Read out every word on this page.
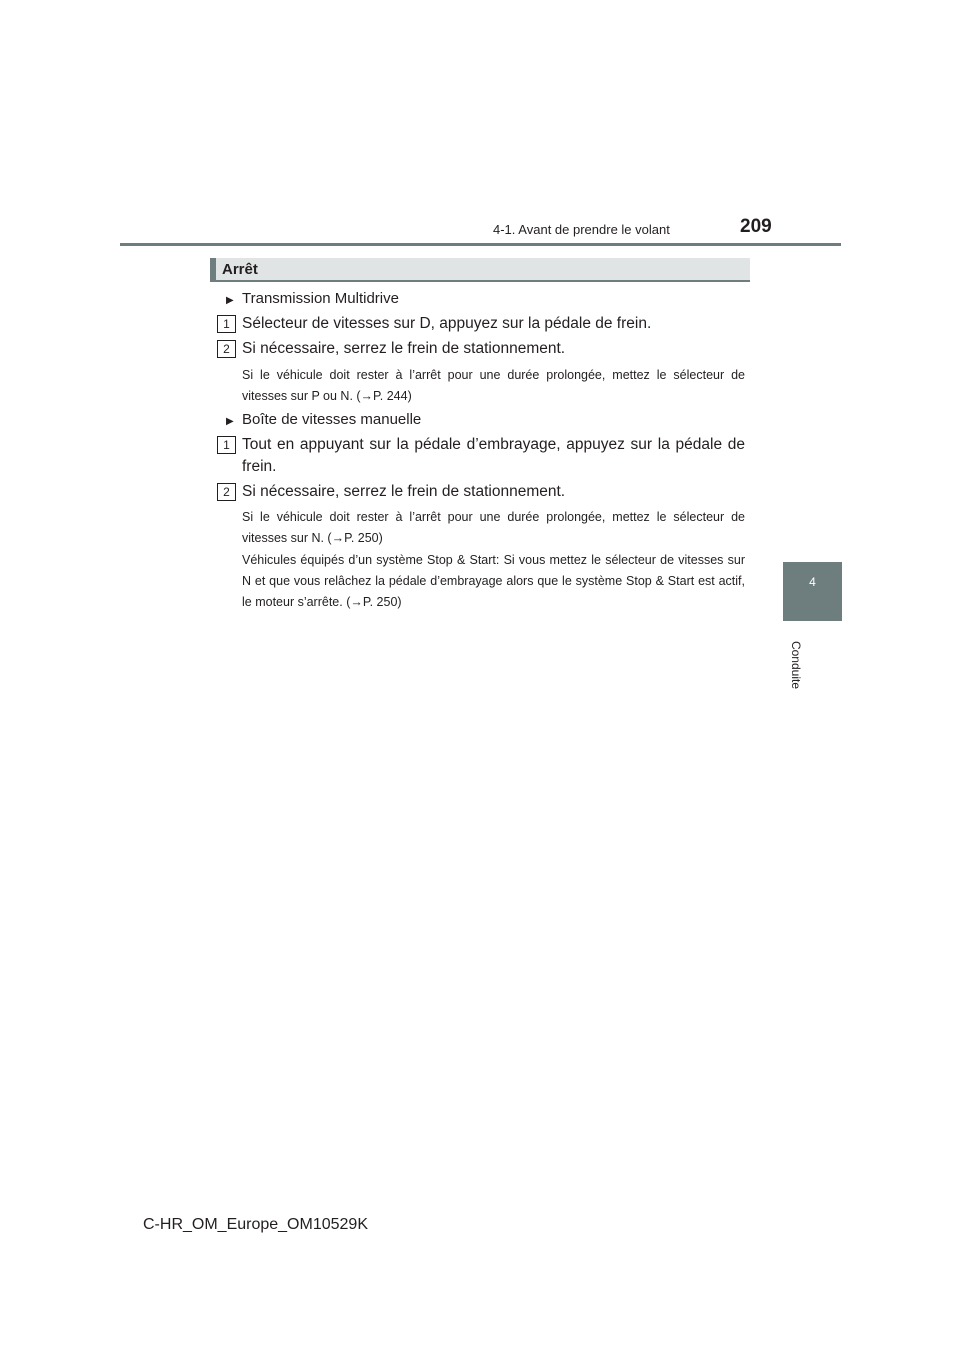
4-1. Avant de prendre le volant	209
4
Conduite
Arrêt
▶ Transmission Multidrive
1 Sélecteur de vitesses sur D, appuyez sur la pédale de frein.
2 Si nécessaire, serrez le frein de stationnement.
Si le véhicule doit rester à l’arrêt pour une durée prolongée, mettez le sélecteur de vitesses sur P ou N. (→P. 244)
▶ Boîte de vitesses manuelle
1 Tout en appuyant sur la pédale d’embrayage, appuyez sur la pédale de frein.
2 Si nécessaire, serrez le frein de stationnement.
Si le véhicule doit rester à l’arrêt pour une durée prolongée, mettez le sélecteur de vitesses sur N. (→P. 250)
Véhicules équipés d’un système Stop & Start: Si vous mettez le sélecteur de vitesses sur N et que vous relâchez la pédale d’embrayage alors que le système Stop & Start est actif, le moteur s’arrête. (→P. 250)
C-HR_OM_Europe_OM10529K
